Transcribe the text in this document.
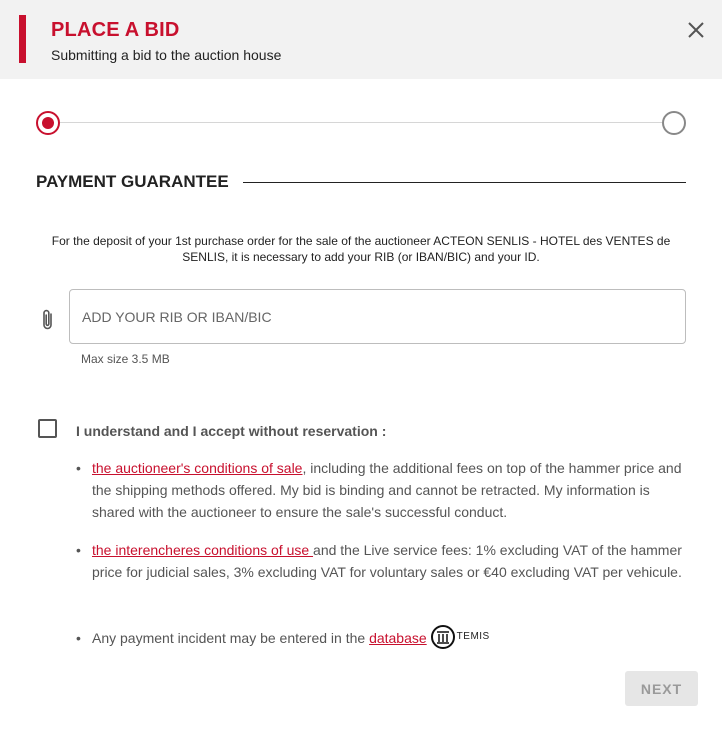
PLACE A BID
Submitting a bid to the auction house
PAYMENT GUARANTEE
For the deposit of your 1st purchase order for the sale of the auctioneer ACTEON SENLIS - HOTEL des VENTES de SENLIS, it is necessary to add your RIB (or IBAN/BIC) and your ID.
ADD YOUR RIB OR IBAN/BIC
Max size 3.5 MB
I understand and I accept without reservation :
• the auctioneer's conditions of sale, including the additional fees on top of the hammer price and the shipping methods offered. My bid is binding and cannot be retracted. My information is shared with the auctioneer to ensure the sale's successful conduct.
• the interencheres conditions of use and the Live service fees: 1% excluding VAT of the hammer price for judicial sales, 3% excluding VAT for voluntary sales or €40 excluding VAT per vehicule.
• Any payment incident may be entered in the database	TEMIS
NEXT
